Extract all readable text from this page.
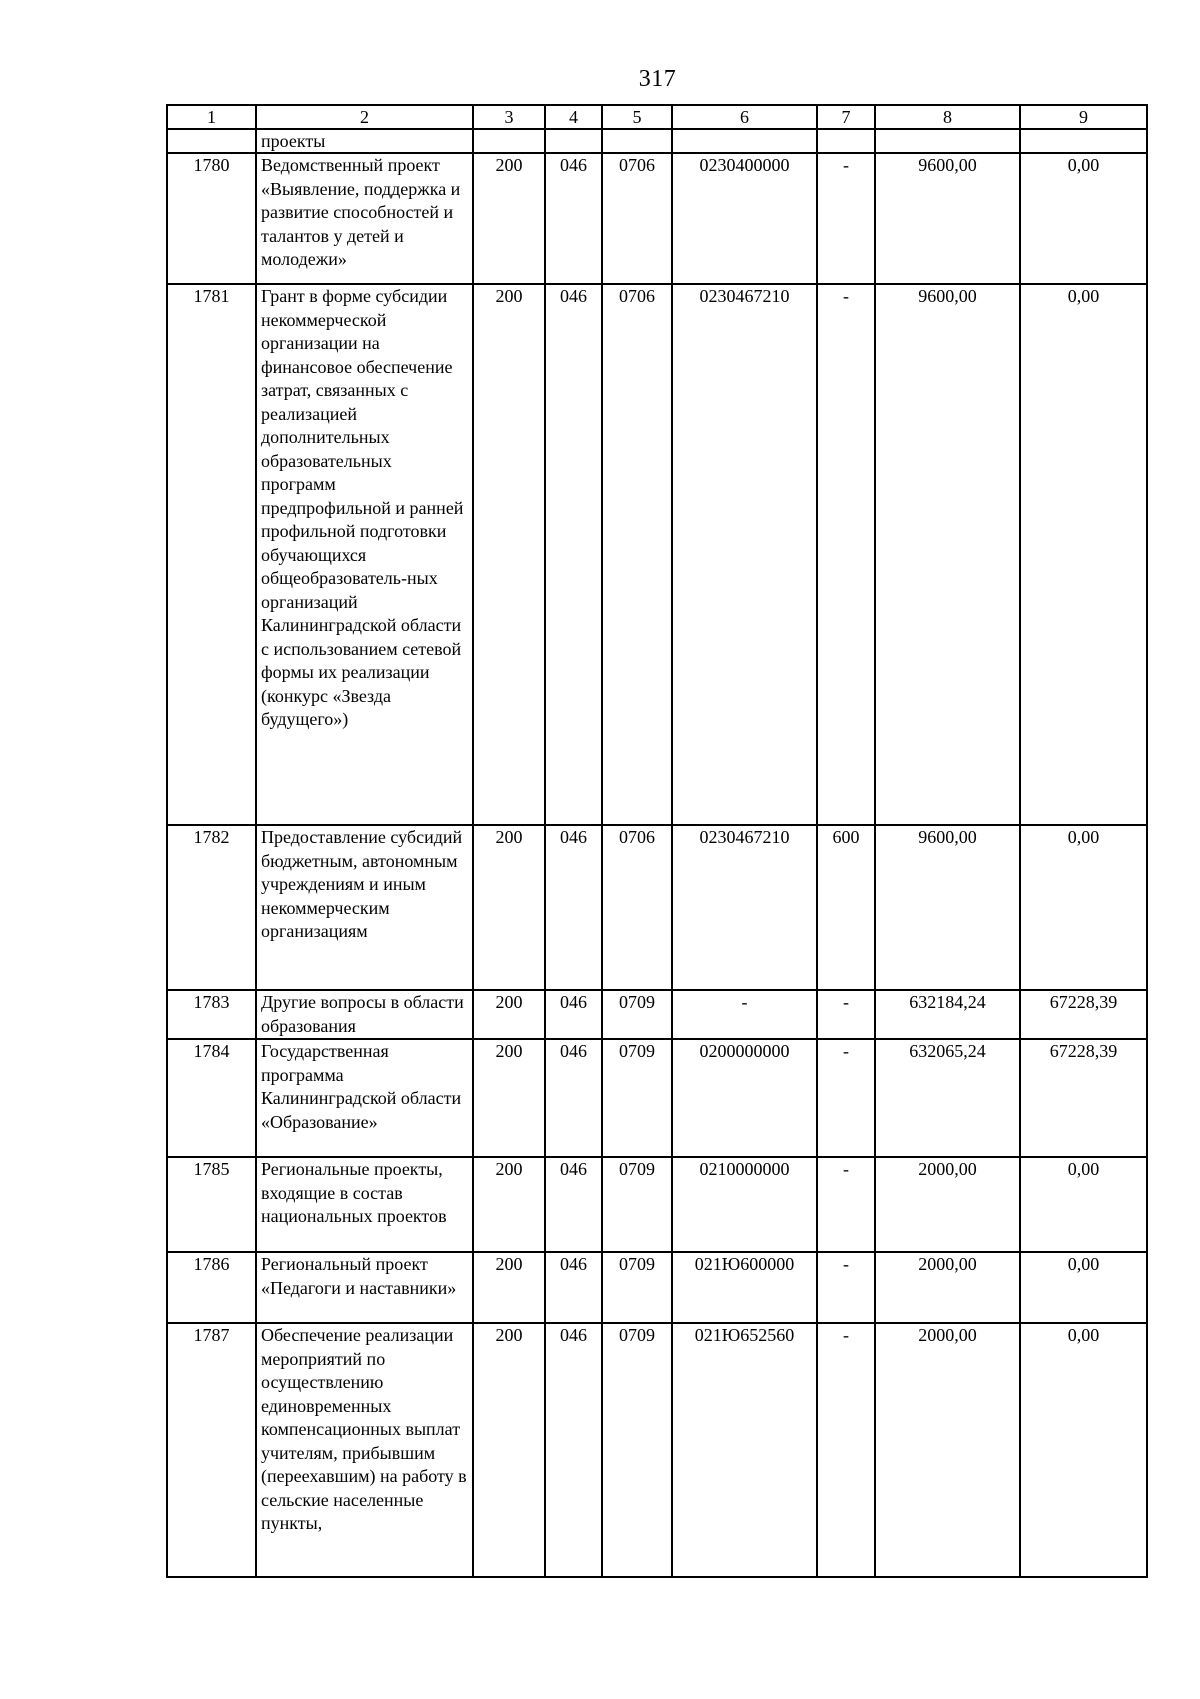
317
1	2	3	4	5	6	7	8	9
	проекты							
1780	Ведомственный проект «Выявление, поддержка и развитие способностей и талантов у детей и молодежи»	200	046	0706	0230400000	-	9600,00	0,00
1781	Грант в форме субсидии некоммерческой организации на финансовое обеспечение затрат, связанных с реализацией дополнительных образовательных программ предпрофильной и ранней профильной подготовки обучающихся общеобразователь-ных организаций Калининградской области с использованием сетевой формы их реализации (конкурс «Звезда будущего»)	200	046	0706	0230467210	-	9600,00	0,00
1782	Предоставление субсидий бюджетным, автономным учреждениям и иным некоммерческим организациям	200	046	0706	0230467210	600	9600,00	0,00
1783	Другие вопросы в области образования	200	046	0709	-	-	632184,24	67228,39
1784	Государственная программа Калининградской области «Образование»	200	046	0709	0200000000	-	632065,24	67228,39
1785	Региональные проекты, входящие в состав национальных проектов	200	046	0709	0210000000	-	2000,00	0,00
1786	Региональный проект «Педагоги и наставники»	200	046	0709	021Ю600000	-	2000,00	0,00
1787	Обеспечение реализации мероприятий по осуществлению единовременных компенсационных выплат учителям, прибывшим (переехавшим) на работу в сельские населенные пункты,	200	046	0709	021Ю652560	-	2000,00	0,00
